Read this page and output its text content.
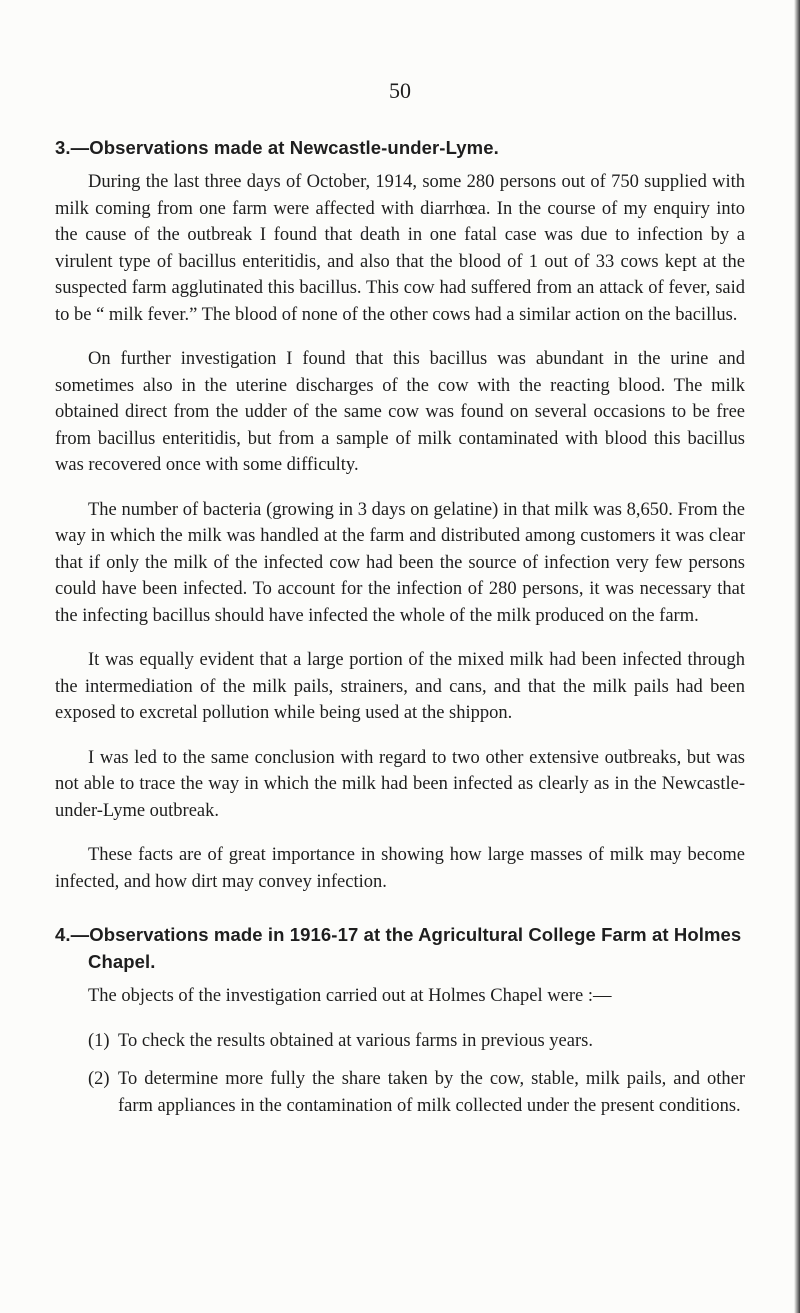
50
3.—Observations made at Newcastle-under-Lyme.

During the last three days of October, 1914, some 280 persons out of 750 supplied with milk coming from one farm were affected with diarrhœa. In the course of my enquiry into the cause of the outbreak I found that death in one fatal case was due to infection by a virulent type of bacillus enteritidis, and also that the blood of 1 out of 33 cows kept at the suspected farm agglutinated this bacillus. This cow had suffered from an attack of fever, said to be “ milk fever.” The blood of none of the other cows had a similar action on the bacillus.

On further investigation I found that this bacillus was abundant in the urine and sometimes also in the uterine discharges of the cow with the reacting blood. The milk obtained direct from the udder of the same cow was found on several occasions to be free from bacillus enteritidis, but from a sample of milk contaminated with blood this bacillus was recovered once with some difficulty.

The number of bacteria (growing in 3 days on gelatine) in that milk was 8,650. From the way in which the milk was handled at the farm and distributed among customers it was clear that if only the milk of the infected cow had been the source of infection very few persons could have been infected. To account for the infection of 280 persons, it was necessary that the infecting bacillus should have infected the whole of the milk produced on the farm.

It was equally evident that a large portion of the mixed milk had been infected through the intermediation of the milk pails, strainers, and cans, and that the milk pails had been exposed to excretal pollution while being used at the shippon.

I was led to the same conclusion with regard to two other extensive outbreaks, but was not able to trace the way in which the milk had been infected as clearly as in the Newcastle-under-Lyme outbreak.

These facts are of great importance in showing how large masses of milk may become infected, and how dirt may convey infection.

4.—Observations made in 1916-17 at the Agricultural College Farm at Holmes Chapel.

The objects of the investigation carried out at Holmes Chapel were :—

(1) To check the results obtained at various farms in previous years.
(2) To determine more fully the share taken by the cow, stable, milk pails, and other farm appliances in the contamination of milk collected under the present conditions.
